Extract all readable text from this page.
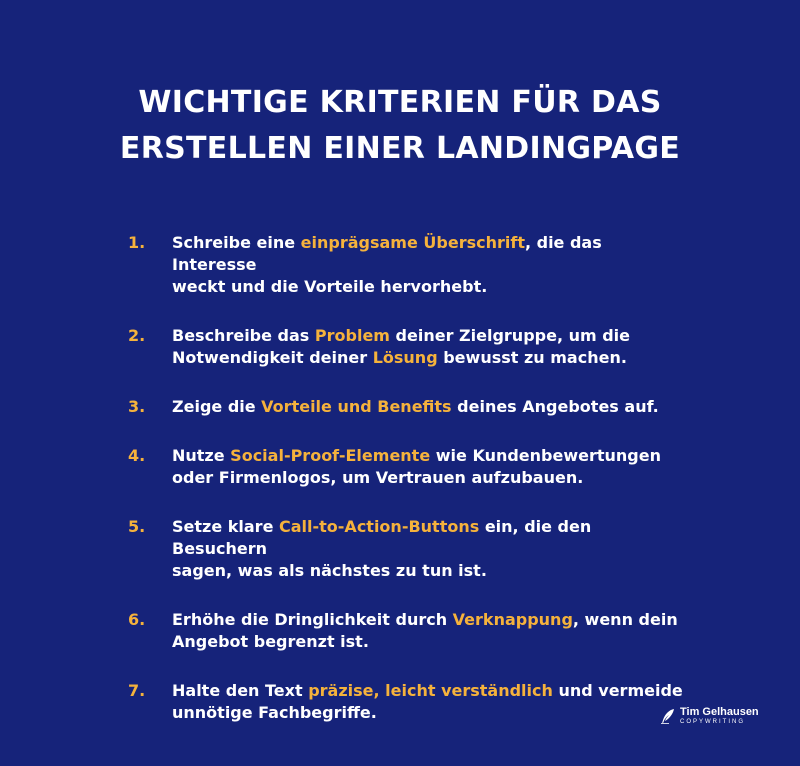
WICHTIGE KRITERIEN FÜR DAS
ERSTELLEN EINER LANDINGPAGE
1.	Schreibe eine einprägsame Überschrift, die das Interesse
weckt und die Vorteile hervorhebt.
2.	Beschreibe das Problem deiner Zielgruppe, um die
Notwendigkeit deiner Lösung bewusst zu machen.
3.	Zeige die Vorteile und Benefits deines Angebotes auf.
4.	Nutze Social-Proof-Elemente wie Kundenbewertungen
oder Firmenlogos, um Vertrauen aufzubauen.
5.	Setze klare Call-to-Action-Buttons ein, die den Besuchern
sagen, was als nächstes zu tun ist.
6.	Erhöhe die Dringlichkeit durch Verknappung, wenn dein
Angebot begrenzt ist.
7.	Halte den Text präzise, leicht verständlich und vermeide
unnötige Fachbegriffe.	Tim Gelhausen
COPYWRITING
